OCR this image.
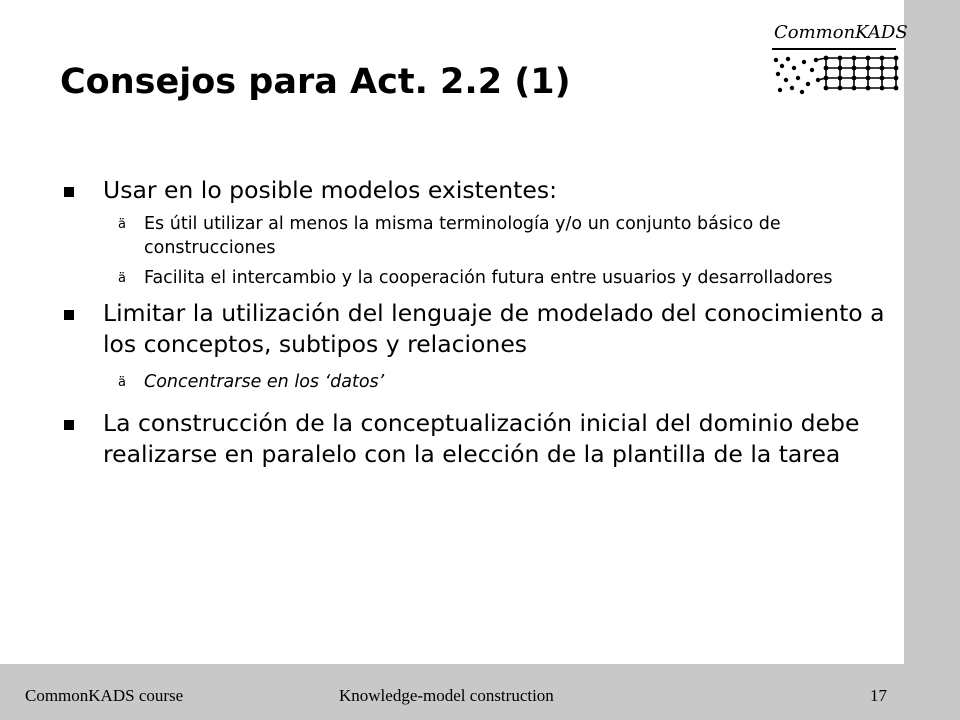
Consejos para Act. 2.2 (1)
CommonKADS
Usar en lo posible modelos existentes:
ä Es útil utilizar al menos la misma terminología y/o un conjunto básico de construcciones
ä Facilita el intercambio y la cooperación futura entre usuarios y desarrolladores
Limitar la utilización del lenguaje de modelado del conocimiento a los conceptos, subtipos y relaciones
ä Concentrarse en los ‘datos’
La construcción de la conceptualización inicial del dominio debe realizarse en paralelo con la elección de la plantilla de la tarea
CommonKADS course	Knowledge-model construction	17
